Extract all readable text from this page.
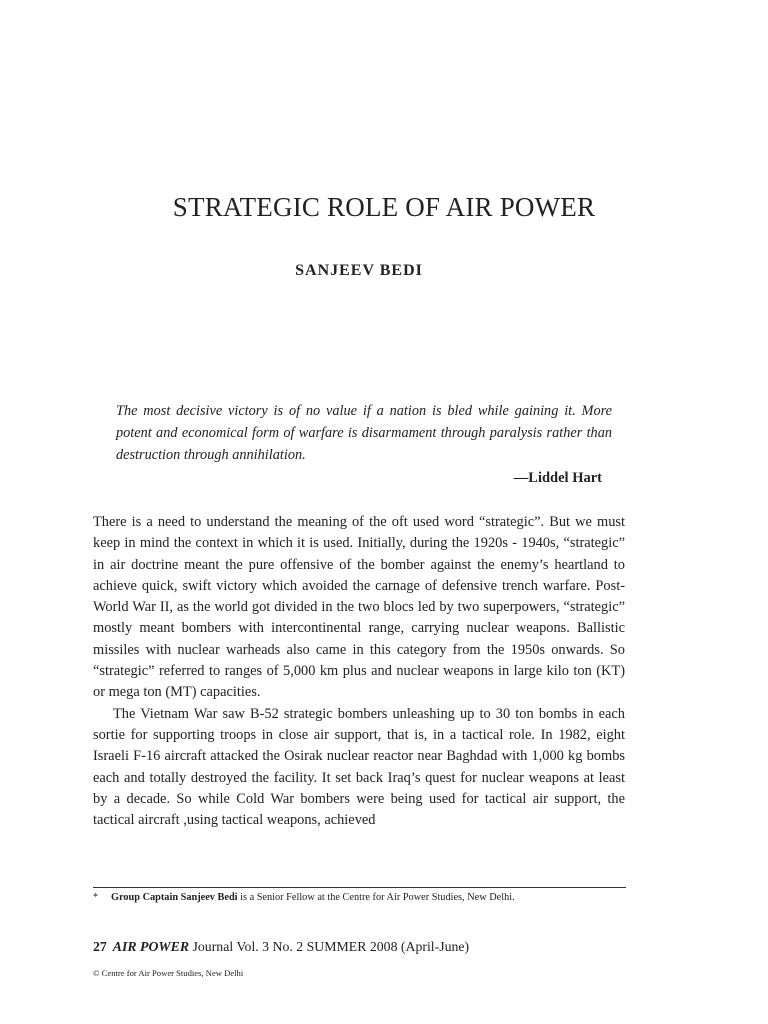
STRATEGIC ROLE OF AIR POWER
SANJEEV BEDI
The most decisive victory is of no value if a nation is bled while gaining it. More potent and economical form of warfare is disarmament through paralysis rather than destruction through annihilation.
—Liddel Hart

There is a need to understand the meaning of the oft used word “strategic”. But we must keep in mind the context in which it is used. Initially, during the 1920s - 1940s, “strategic” in air doctrine meant the pure offensive of the bomber against the enemy’s heartland to achieve quick, swift victory which avoided the carnage of defensive trench warfare. Post-World War II, as the world got divided in the two blocs led by two superpowers, “strategic” mostly meant bombers with intercontinental range, carrying nuclear weapons. Ballistic missiles with nuclear warheads also came in this category from the 1950s onwards. So “strategic” referred to ranges of 5,000 km plus and nuclear weapons in large kilo ton (KT) or mega ton (MT) capacities.

The Vietnam War saw B-52 strategic bombers unleashing up to 30 ton bombs in each sortie for supporting troops in close air support, that is, in a tactical role. In 1982, eight Israeli F-16 aircraft attacked the Osirak nuclear reactor near Baghdad with 1,000 kg bombs each and totally destroyed the facility. It set back Iraq’s quest for nuclear weapons at least by a decade. So while Cold War bombers were being used for tactical air support, the tactical aircraft ,using tactical weapons, achieved

* Group Captain Sanjeev Bedi is a Senior Fellow at the Centre for Air Power Studies, New Delhi.
27 AIR POWER Journal Vol. 3 No. 2 SUMMER 2008 (April-June)
© Centre for Air Power Studies, New Delhi
